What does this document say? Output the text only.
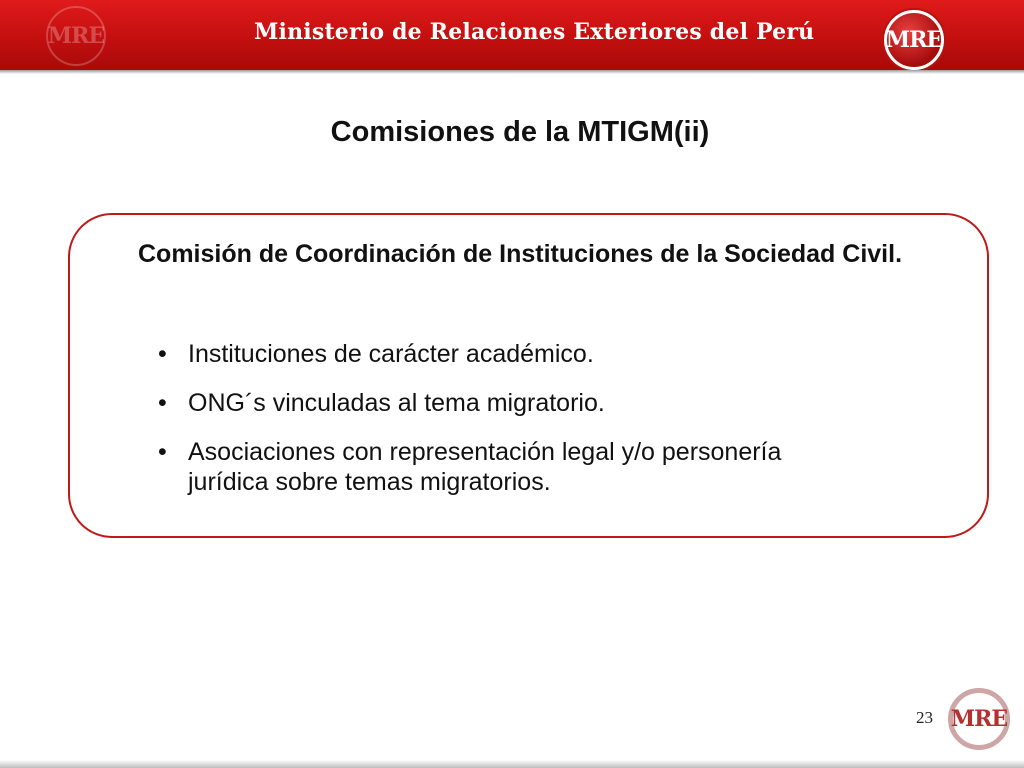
MRE	Ministerio de Relaciones Exteriores del Perú	MRE
Comisiones de la MTIGM(ii)

Comisión de Coordinación de Instituciones de la Sociedad Civil.

• Instituciones de carácter académico.
• ONG´s vinculadas al tema migratorio.
• Asociaciones con representación legal y/o personería jurídica sobre temas migratorios.
23 MRE
